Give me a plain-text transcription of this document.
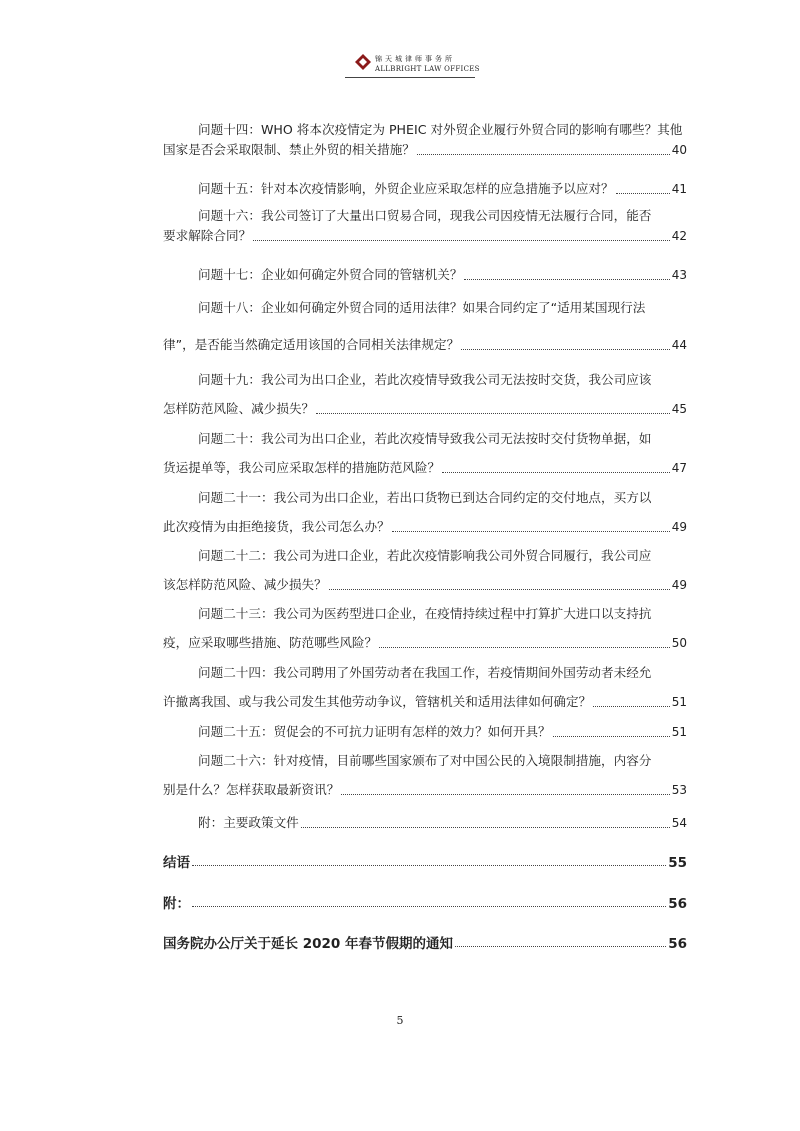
锦天城律师事务所
ALLBRIGHT LAW OFFICES
问题十四：WHO 将本次疫情定为 PHEIC 对外贸企业履行外贸合同的影响有哪些？其他
国家是否会采取限制、禁止外贸的相关措施？	40
问题十五：针对本次疫情影响，外贸企业应采取怎样的应急措施予以应对？	41
问题十六：我公司签订了大量出口贸易合同，现我公司因疫情无法履行合同，能否
要求解除合同？	42
问题十七：企业如何确定外贸合同的管辖机关？	43
问题十八：企业如何确定外贸合同的适用法律？如果合同约定了“适用某国现行法
律”，是否能当然确定适用该国的合同相关法律规定？	44
问题十九：我公司为出口企业，若此次疫情导致我公司无法按时交货，我公司应该
怎样防范风险、减少损失？	45
问题二十：我公司为出口企业，若此次疫情导致我公司无法按时交付货物单据，如
货运提单等，我公司应采取怎样的措施防范风险？	47
问题二十一：我公司为出口企业，若出口货物已到达合同约定的交付地点，买方以
此次疫情为由拒绝接货，我公司怎么办？	49
问题二十二：我公司为进口企业，若此次疫情影响我公司外贸合同履行，我公司应
该怎样防范风险、减少损失？	49
问题二十三：我公司为医药型进口企业，在疫情持续过程中打算扩大进口以支持抗
疫，应采取哪些措施、防范哪些风险？	50
问题二十四：我公司聘用了外国劳动者在我国工作，若疫情期间外国劳动者未经允
许撤离我国、或与我公司发生其他劳动争议，管辖机关和适用法律如何确定？	51
问题二十五：贸促会的不可抗力证明有怎样的效力？如何开具？	51
问题二十六：针对疫情，目前哪些国家颁布了对中国公民的入境限制措施，内容分
别是什么？怎样获取最新资讯？	53
附：主要政策文件	54
结语	55
附：	56
国务院办公厅关于延长 2020 年春节假期的通知	56
5
